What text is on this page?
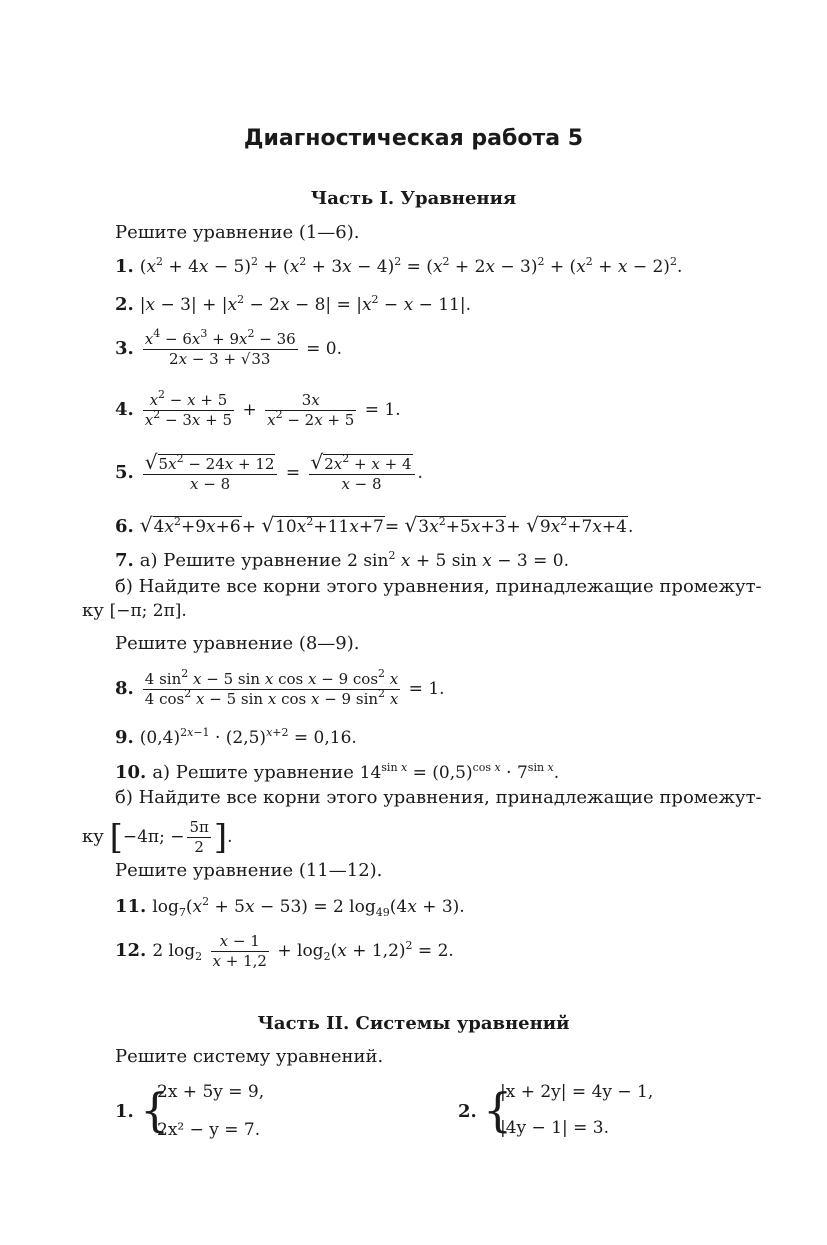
Диагностическая работа 5
Часть I. Уравнения
Решите уравнение (1—6).
1. $(x^2 + 4x - 5)^2 + (x^2 + 3x - 4)^2 = (x^2 + 2x - 3)^2 + (x^2 + x - 2)^2$.
2. $|x - 3| + |x^2 - 2x - 8| = |x^2 - x - 11|$.
3. $\frac{x^4 - 6x^3 + 9x^2 - 36}{2x - 3 + √33} = 0$.
4. $\frac{x^2 - x + 5}{x^2 - 3x + 5} + \frac{3x}{x^2 - 2x + 5} = 1$.
5. $\frac{√5x^2 - 24x + 12}{x - 8} = \frac{√2x^2 + x + 4}{x - 8}$ .
6. $√4x^2+9x+6+ √10x^2+11x+7= √3x^2+5x+3+ √9x^2+7x+4$.
7. а) Решите уравнение 2 $\sin^2 x + 5$ sin x − 3 = 0.
б) Найдите все корни этого уравнения, принадлежащие промежут-
ку [−π; 2π].
Решите уравнение (8—9).
8. $\frac{4 \sin^2 x - 5 \sin x \cos x - 9 \cos^2 x}{4 \cos^2 x - 5 \sin x \cos x - 9 \sin^2 x} = 1$.
9. $(0,4)^{2x-1} \cdot (2,5)^{x+2} = 0,16$.
10. а) Решите уравнение $14^{sin x} = (0,5)^{cos x} \cdot 7^{sin x}$.
б) Найдите все корни этого уравнения, принадлежащие промежут-
ку [−4π; − $\frac{5\pi}{2}$ ].
Решите уравнение (11—12).
11. $\log_7(x^2 + 5x - 53) = 2$ $\log_{49}(4x + 3)$.
12. 2 $\log_2 \frac{x - 1}{x + 1,2} + \log_2(x + 1,2)^2 = 2$.
Часть II. Системы уравнений
Решите систему уравнений.
1. {
2x + 5y = 9,
2x² − y = 7.
2. {
|x + 2y| = 4y − 1,
|4y − 1| = 3.
